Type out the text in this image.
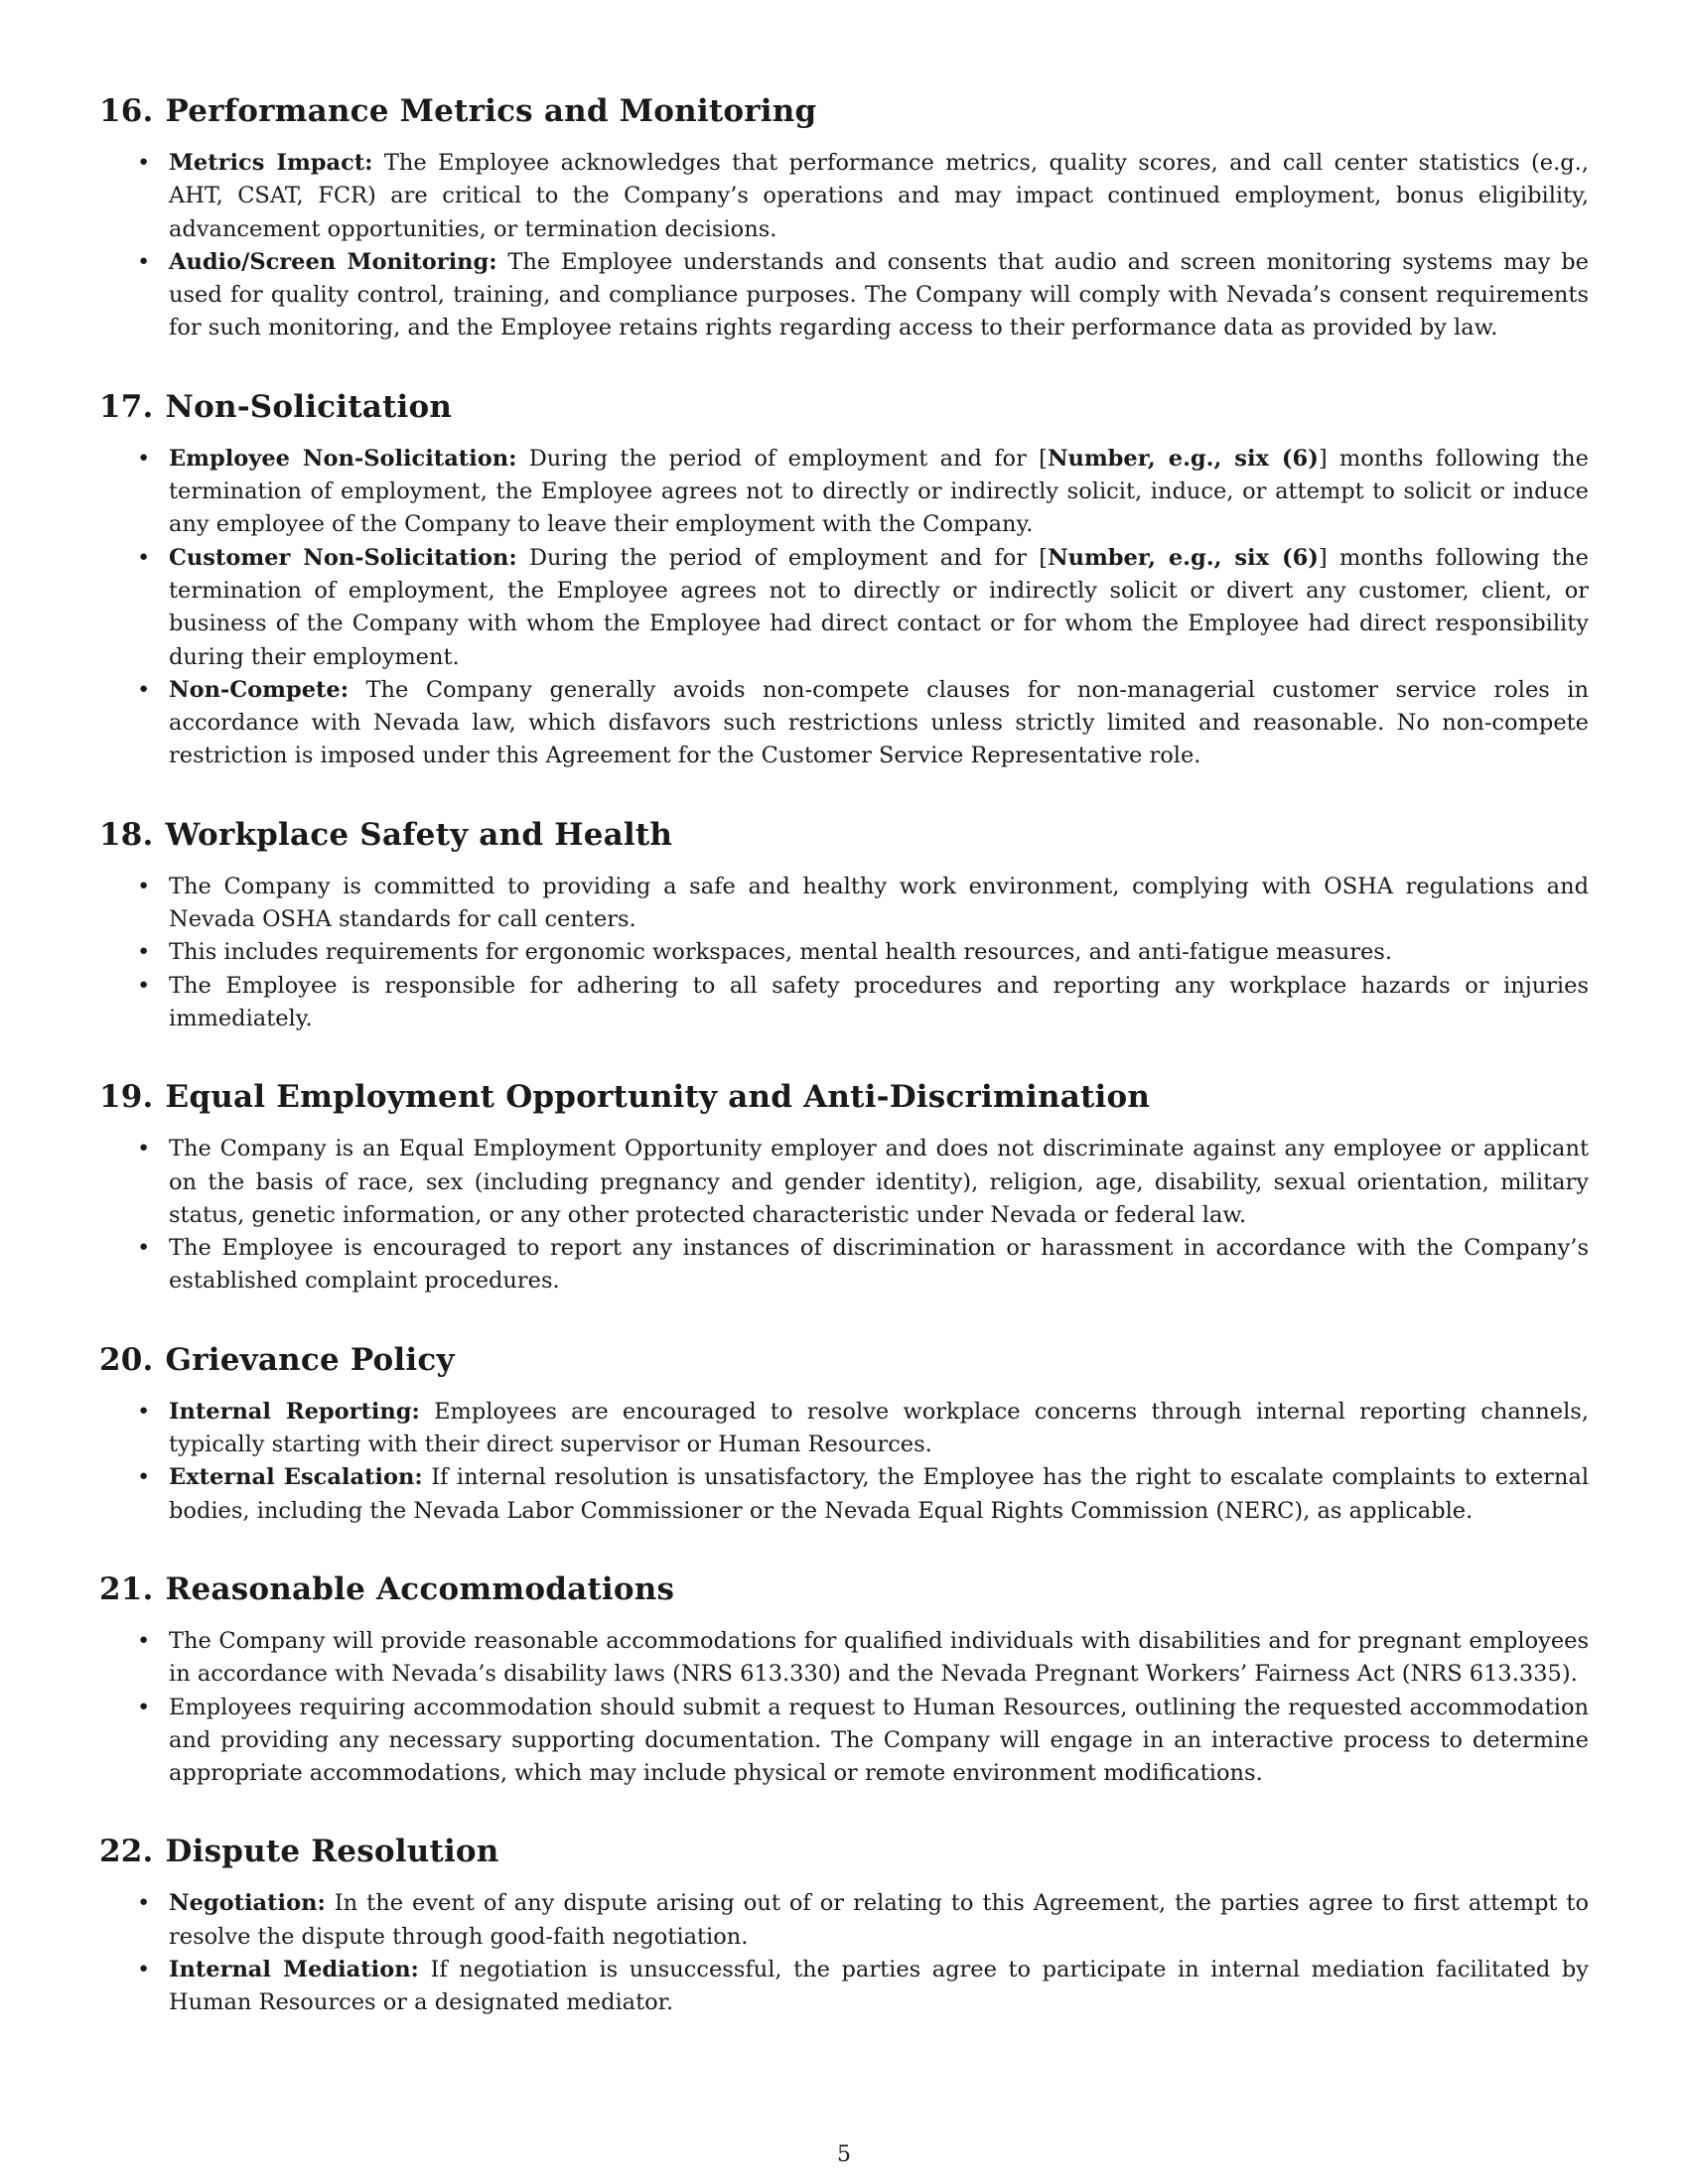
16. Performance Metrics and Monitoring
• Metrics Impact: The Employee acknowledges that performance metrics, quality scores, and call center statistics (e.g., AHT, CSAT, FCR) are critical to the Company’s operations and may impact continued employment, bonus eligibility, advancement opportunities, or termination decisions.
• Audio/Screen Monitoring: The Employee understands and consents that audio and screen monitoring systems may be used for quality control, training, and compliance purposes. The Company will comply with Nevada’s consent requirements for such monitoring, and the Employee retains rights regarding access to their performance data as provided by law.
17. Non-Solicitation
• Employee Non-Solicitation: During the period of employment and for [Number, e.g., six (6)] months following the termination of employment, the Employee agrees not to directly or indirectly solicit, induce, or attempt to solicit or induce any employee of the Company to leave their employment with the Company.
• Customer Non-Solicitation: During the period of employment and for [Number, e.g., six (6)] months following the termination of employment, the Employee agrees not to directly or indirectly solicit or divert any customer, client, or business of the Company with whom the Employee had direct contact or for whom the Employee had direct responsibility during their employment.
• Non-Compete: The Company generally avoids non-compete clauses for non-managerial customer service roles in accordance with Nevada law, which disfavors such restrictions unless strictly limited and reasonable. No non-compete restriction is imposed under this Agreement for the Customer Service Representative role.
18. Workplace Safety and Health
• The Company is committed to providing a safe and healthy work environment, complying with OSHA regulations and Nevada OSHA standards for call centers.
• This includes requirements for ergonomic workspaces, mental health resources, and anti-fatigue measures.
• The Employee is responsible for adhering to all safety procedures and reporting any workplace hazards or injuries immediately.
19. Equal Employment Opportunity and Anti-Discrimination
• The Company is an Equal Employment Opportunity employer and does not discriminate against any employee or applicant on the basis of race, sex (including pregnancy and gender identity), religion, age, disability, sexual orientation, military status, genetic information, or any other protected characteristic under Nevada or federal law.
• The Employee is encouraged to report any instances of discrimination or harassment in accordance with the Company’s established complaint procedures.
20. Grievance Policy
• Internal Reporting: Employees are encouraged to resolve workplace concerns through internal reporting channels, typically starting with their direct supervisor or Human Resources.
• External Escalation: If internal resolution is unsatisfactory, the Employee has the right to escalate complaints to external bodies, including the Nevada Labor Commissioner or the Nevada Equal Rights Commission (NERC), as applicable.
21. Reasonable Accommodations
• The Company will provide reasonable accommodations for qualified individuals with disabilities and for pregnant employees in accordance with Nevada’s disability laws (NRS 613.330) and the Nevada Pregnant Workers’ Fairness Act (NRS 613.335).
• Employees requiring accommodation should submit a request to Human Resources, outlining the requested accommodation and providing any necessary supporting documentation. The Company will engage in an interactive process to determine appropriate accommodations, which may include physical or remote environment modifications.
22. Dispute Resolution
• Negotiation: In the event of any dispute arising out of or relating to this Agreement, the parties agree to first attempt to resolve the dispute through good-faith negotiation.
• Internal Mediation: If negotiation is unsuccessful, the parties agree to participate in internal mediation facilitated by Human Resources or a designated mediator.
5
